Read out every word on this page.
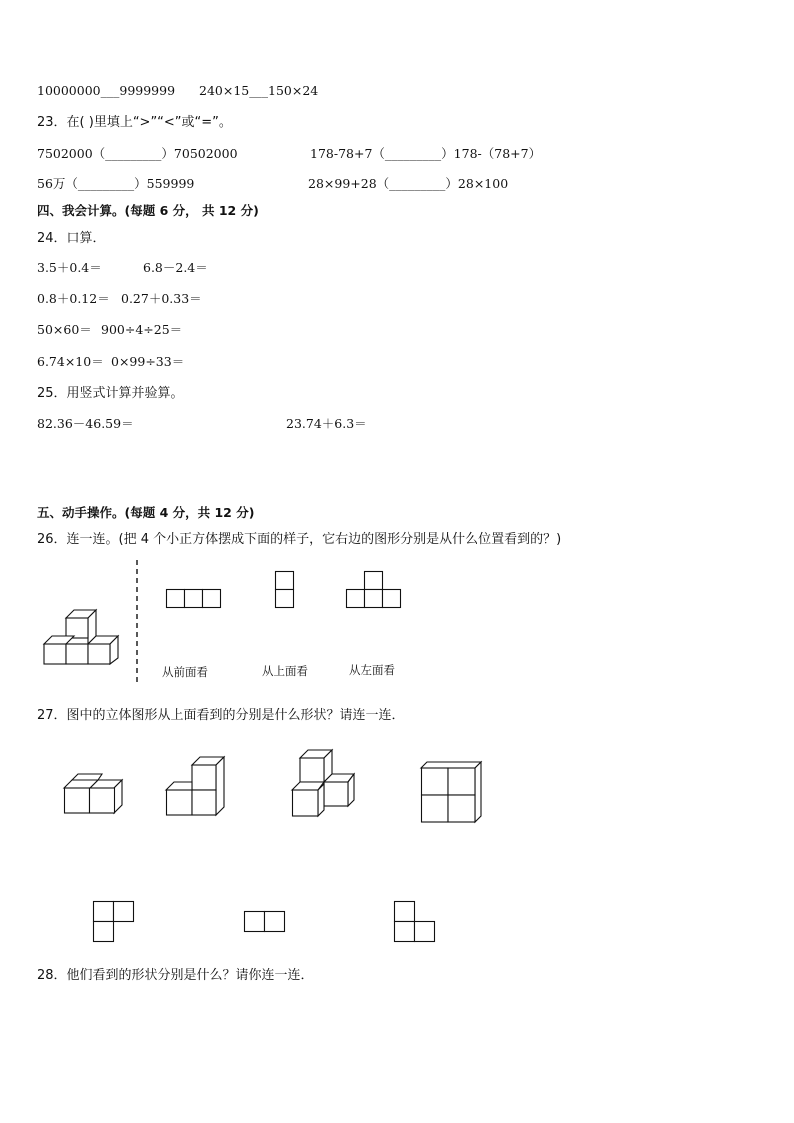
10000000___9999999 240×15___150×24
23．在( )里填上“>”“<”或“=”。
7502000（_________）70502000	178-78+7（_________）178-（78+7）
56万（_________）559999	28×99+28（_________）28×100
四、我会计算。(每题 6 分， 共 12 分)
24．口算．
3.5＋0.4＝	6.8－2.4＝
0.8＋0.12＝ 0.27＋0.33＝
50×60＝ 900÷4÷25＝
6.74×10＝ 0×99÷33＝
25．用竖式计算并验算。
82.36－46.59＝	23.74＋6.3＝
五、动手操作。(每题 4 分，共 12 分)
26．连一连。(把 4 个小正方体摆成下面的样子，它右边的图形分别是从什么位置看到的？)
从前面看	从上面看	从左面看
27．图中的立体图形从上面看到的分别是什么形状？请连一连．
28．他们看到的形状分别是什么？请你连一连．
